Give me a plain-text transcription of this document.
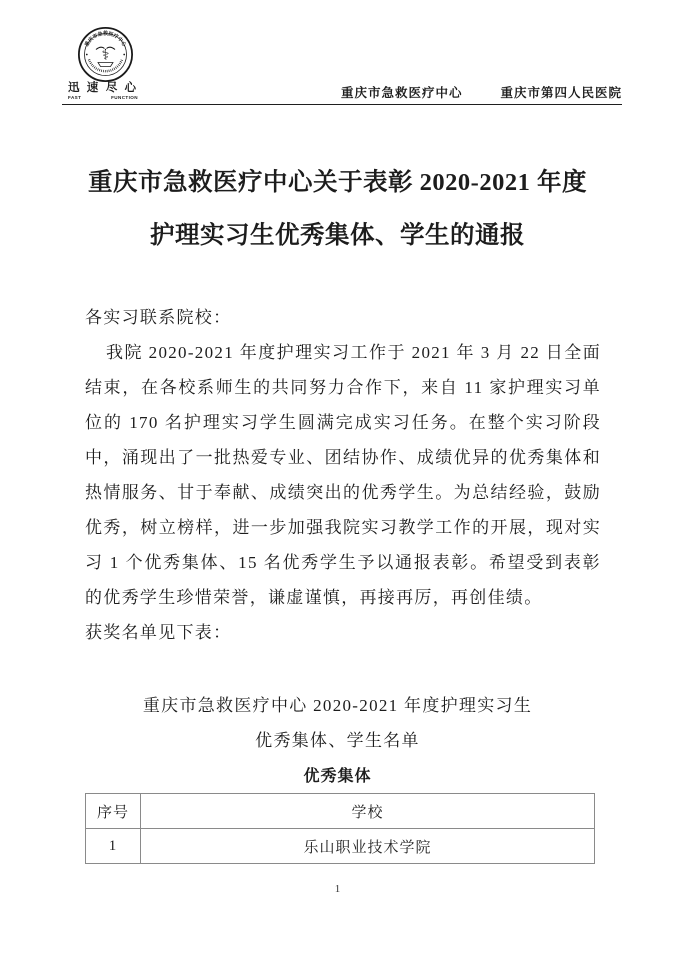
重庆市急救医疗中心
⚕
迅 速 尽 心
FAST	FUNCTION	重庆市急救医疗中心	重庆市第四人民医院
重庆市急救医疗中心关于表彰 2020-2021 年度
护理实习生优秀集体、学生的通报

各实习联系院校：

我院 2020-2021 年度护理实习工作于 2021 年 3 月 22 日全面结束，在各校系师生的共同努力合作下，来自 11 家护理实习单位的 170 名护理实习学生圆满完成实习任务。在整个实习阶段中，涌现出了一批热爱专业、团结协作、成绩优异的优秀集体和热情服务、甘于奉献、成绩突出的优秀学生。为总结经验，鼓励优秀，树立榜样，进一步加强我院实习教学工作的开展，现对实习 1 个优秀集体、15 名优秀学生予以通报表彰。希望受到表彰的优秀学生珍惜荣誉，谦虚谨慎，再接再厉，再创佳绩。

获奖名单见下表：

重庆市急救医疗中心 2020-2021 年度护理实习生

优秀集体、学生名单

优秀集体

序号	学校
1	乐山职业技术学院
1
